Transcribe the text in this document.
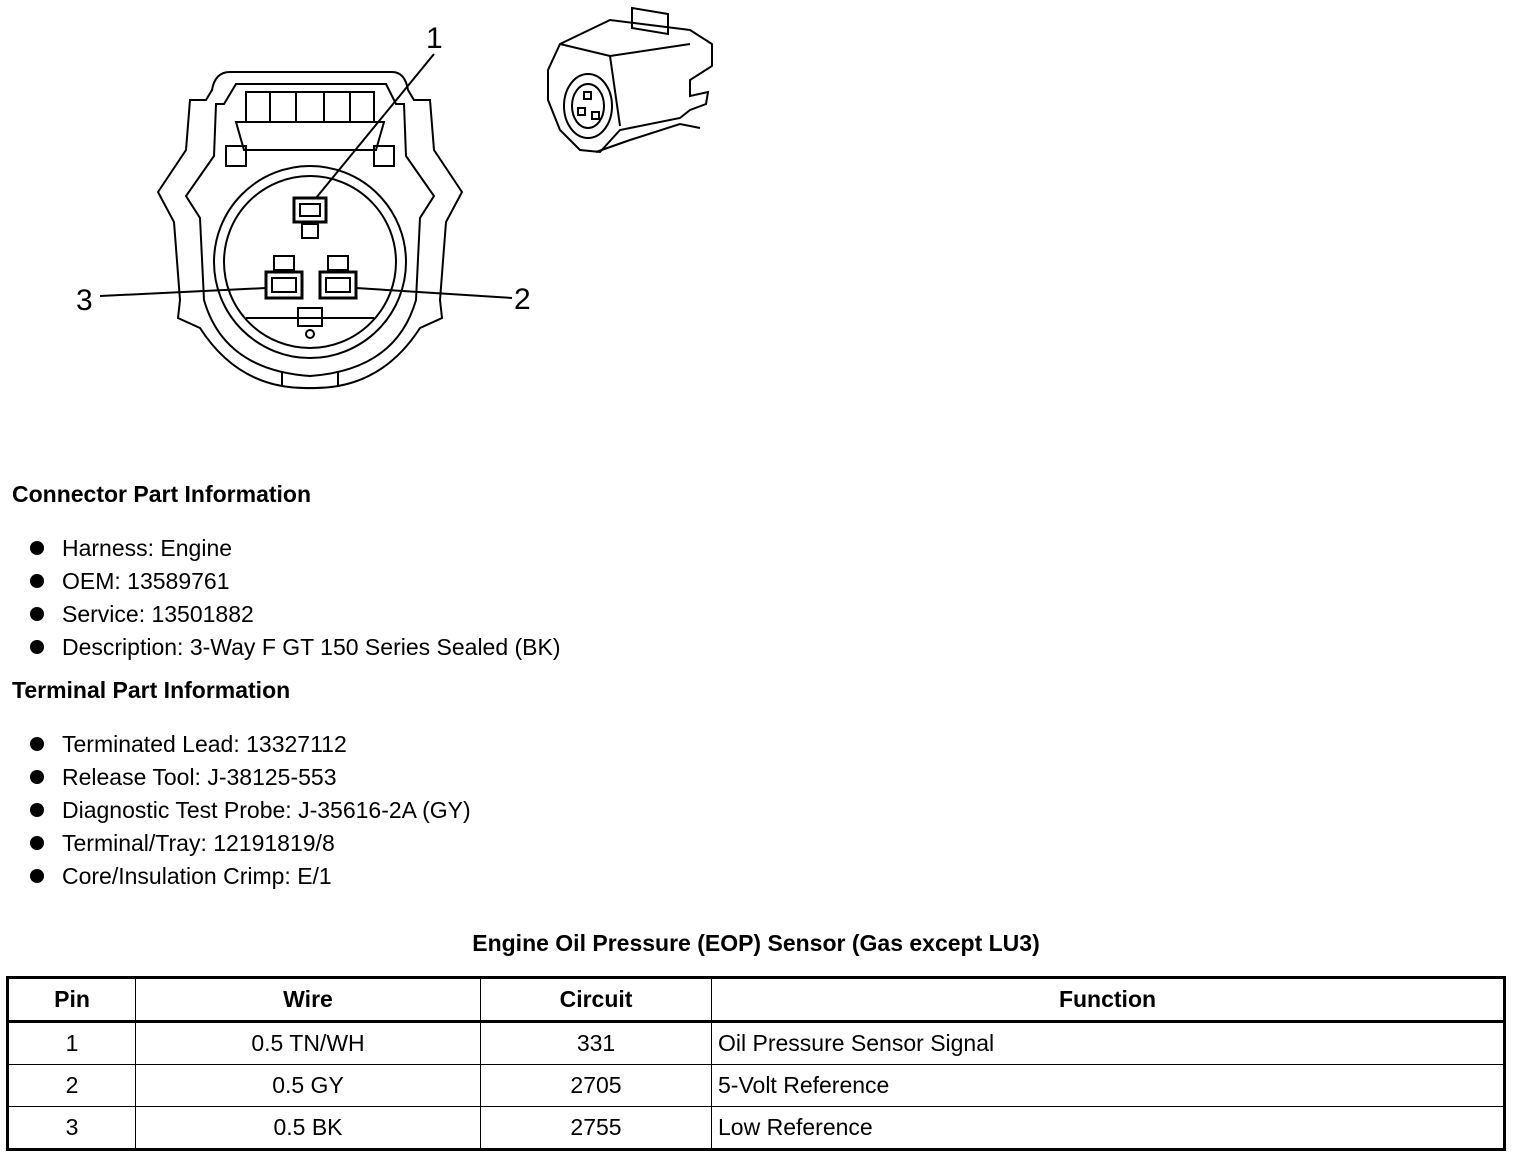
1
2
3
Connector Part Information
Harness: Engine
OEM: 13589761
Service: 13501882
Description: 3-Way F GT 150 Series Sealed (BK)
Terminal Part Information
Terminated Lead: 13327112
Release Tool: J-38125-553
Diagnostic Test Probe: J-35616-2A (GY)
Terminal/Tray: 12191819/8
Core/Insulation Crimp: E/1
Engine Oil Pressure (EOP) Sensor (Gas except LU3)
Pin	Wire	Circuit	Function
1	0.5 TN/WH	331	Oil Pressure Sensor Signal
2	0.5 GY	2705	5-Volt Reference
3	0.5 BK	2755	Low Reference
